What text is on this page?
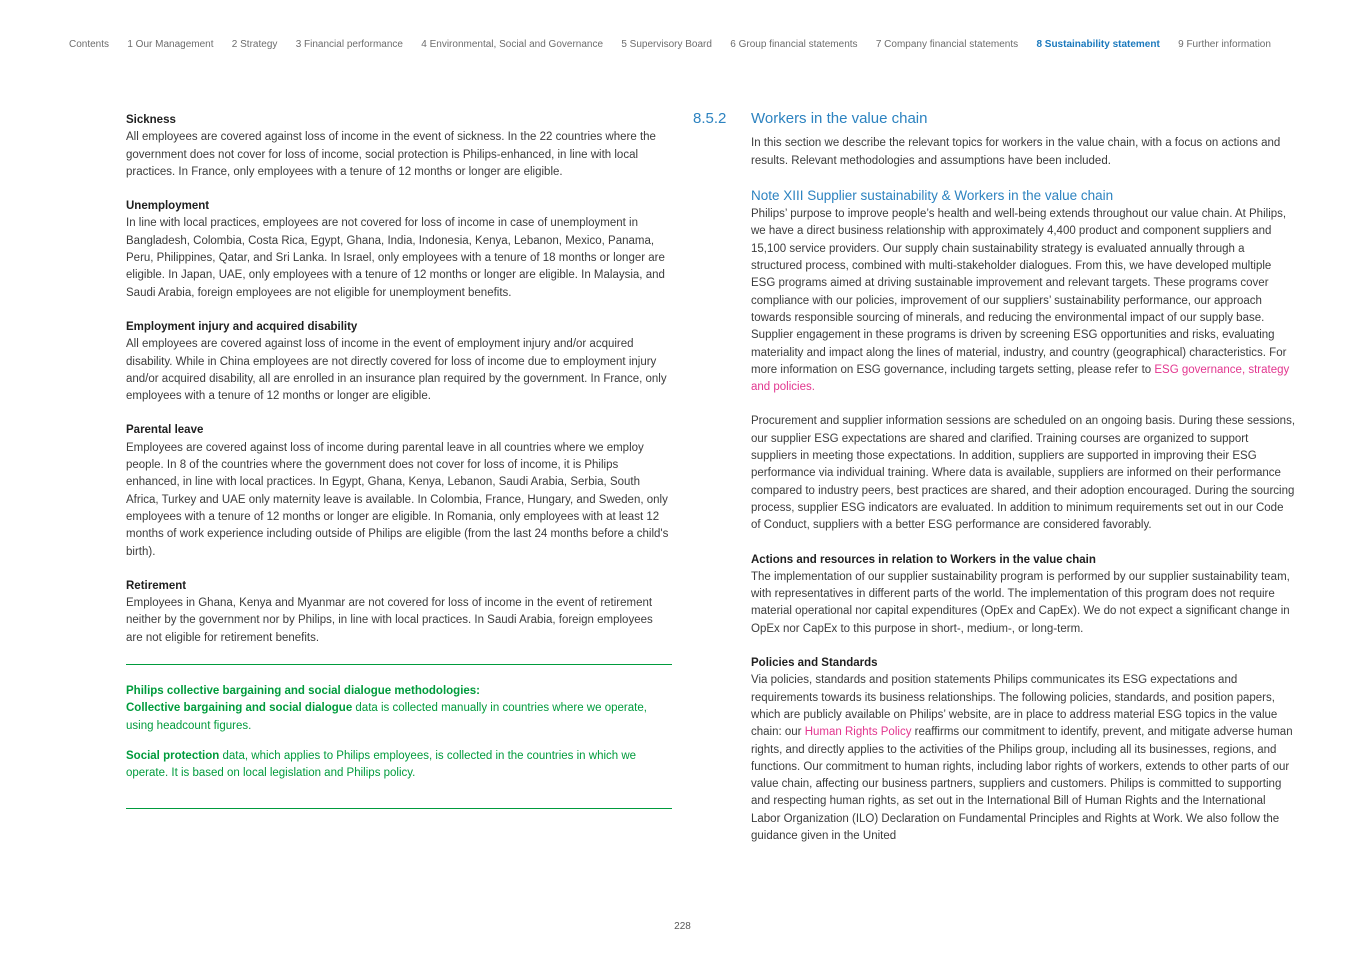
Contents 1 Our Management 2 Strategy 3 Financial performance 4 Environmental, Social and Governance 5 Supervisory Board 6 Group financial statements 7 Company financial statements 8 Sustainability statement 9 Further information
Sickness

All employees are covered against loss of income in the event of sickness. In the 22 countries where the government does not cover for loss of income, social protection is Philips-enhanced, in line with local practices. In France, only employees with a tenure of 12 months or longer are eligible.

Unemployment

In line with local practices, employees are not covered for loss of income in case of unemployment in Bangladesh, Colombia, Costa Rica, Egypt, Ghana, India, Indonesia, Kenya, Lebanon, Mexico, Panama, Peru, Philippines, Qatar, and Sri Lanka. In Israel, only employees with a tenure of 18 months or longer are eligible. In Japan, UAE, only employees with a tenure of 12 months or longer are eligible. In Malaysia, and Saudi Arabia, foreign employees are not eligible for unemployment benefits.

Employment injury and acquired disability

All employees are covered against loss of income in the event of employment injury and/or acquired disability. While in China employees are not directly covered for loss of income due to employment injury and/or acquired disability, all are enrolled in an insurance plan required by the government. In France, only employees with a tenure of 12 months or longer are eligible.

Parental leave

Employees are covered against loss of income during parental leave in all countries where we employ people. In 8 of the countries where the government does not cover for loss of income, it is Philips enhanced, in line with local practices. In Egypt, Ghana, Kenya, Lebanon, Saudi Arabia, Serbia, South Africa, Turkey and UAE only maternity leave is available. In Colombia, France, Hungary, and Sweden, only employees with a tenure of 12 months or longer are eligible. In Romania, only employees with at least 12 months of work experience including outside of Philips are eligible (from the last 24 months before a child's birth).

Retirement

Employees in Ghana, Kenya and Myanmar are not covered for loss of income in the event of retirement neither by the government nor by Philips, in line with local practices. In Saudi Arabia, foreign employees are not eligible for retirement benefits.

Philips collective bargaining and social dialogue methodologies:
Collective bargaining and social dialogue data is collected manually in countries where we operate, using headcount figures.

Social protection data, which applies to Philips employees, is collected in the countries in which we operate. It is based on local legislation and Philips policy.

8.5.2	Workers in the value chain

In this section we describe the relevant topics for workers in the value chain, with a focus on actions and results. Relevant methodologies and assumptions have been included.

Note XIII Supplier sustainability & Workers in the value chain

Philips’ purpose to improve people’s health and well-being extends throughout our value chain. At Philips, we have a direct business relationship with approximately 4,400 product and component suppliers and 15,100 service providers. Our supply chain sustainability strategy is evaluated annually through a structured process, combined with multi-stakeholder dialogues. From this, we have developed multiple ESG programs aimed at driving sustainable improvement and relevant targets. These programs cover compliance with our policies, improvement of our suppliers’ sustainability performance, our approach towards responsible sourcing of minerals, and reducing the environmental impact of our supply base. Supplier engagement in these programs is driven by screening ESG opportunities and risks, evaluating materiality and impact along the lines of material, industry, and country (geographical) characteristics. For more information on ESG governance, including targets setting, please refer to ESG governance, strategy and policies.

Procurement and supplier information sessions are scheduled on an ongoing basis. During these sessions, our supplier ESG expectations are shared and clarified. Training courses are organized to support suppliers in meeting those expectations. In addition, suppliers are supported in improving their ESG performance via individual training. Where data is available, suppliers are informed on their performance compared to industry peers, best practices are shared, and their adoption encouraged. During the sourcing process, supplier ESG indicators are evaluated. In addition to minimum requirements set out in our Code of Conduct, suppliers with a better ESG performance are considered favorably.

Actions and resources in relation to Workers in the value chain

The implementation of our supplier sustainability program is performed by our supplier sustainability team, with representatives in different parts of the world. The implementation of this program does not require material operational nor capital expenditures (OpEx and CapEx). We do not expect a significant change in OpEx nor CapEx to this purpose in short-, medium-, or long-term.

Policies and Standards

Via policies, standards and position statements Philips communicates its ESG expectations and requirements towards its business relationships. The following policies, standards, and position papers, which are publicly available on Philips’ website, are in place to address material ESG topics in the value chain: our Human Rights Policy reaffirms our commitment to identify, prevent, and mitigate adverse human rights, and directly applies to the activities of the Philips group, including all its businesses, regions, and functions. Our commitment to human rights, including labor rights of workers, extends to other parts of our value chain, affecting our business partners, suppliers and customers. Philips is committed to supporting and respecting human rights, as set out in the International Bill of Human Rights and the International Labor Organization (ILO) Declaration on Fundamental Principles and Rights at Work. We also follow the guidance given in the United

228
